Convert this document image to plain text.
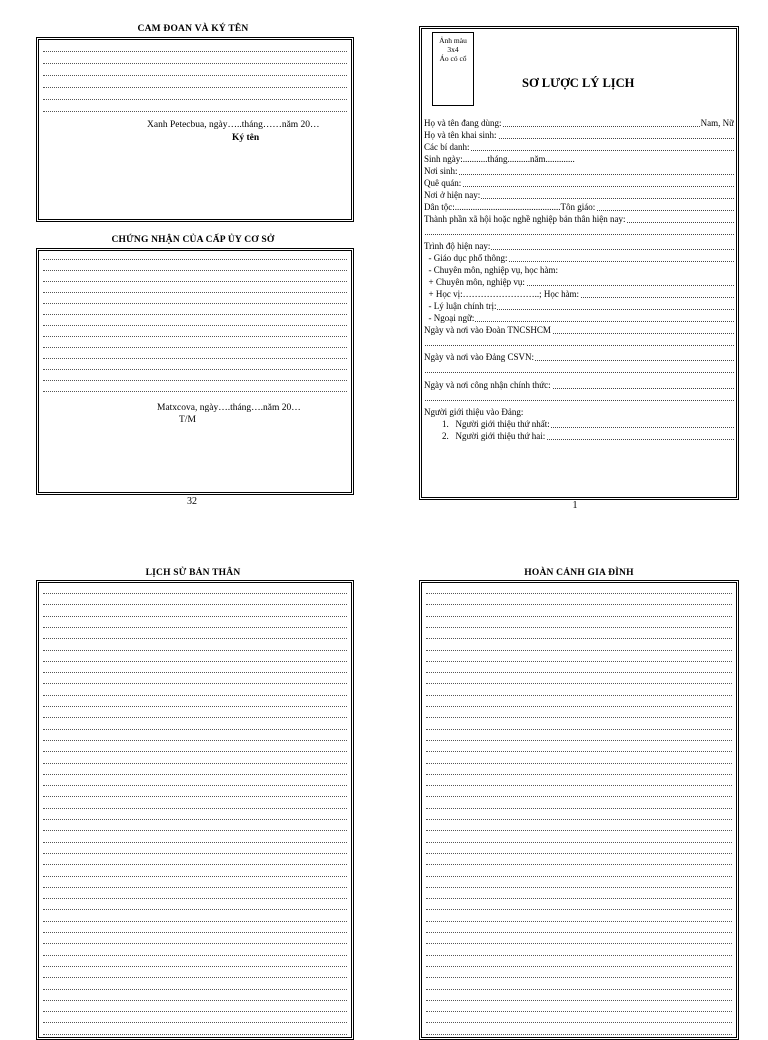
CAM ĐOAN VÀ KÝ TÊN
Xanh Petecbua, ngày…..tháng……năm 20…
Ký tên
CHỨNG NHẬN CỦA CẤP ỦY CƠ SỞ
Matxcova, ngày….tháng….năm 20…
T/M
32
Ảnh màu
3x4
Áo có cổ
SƠ LƯỢC LÝ LỊCH
Họ và tên đang dùng:	Nam, Nữ
Họ và tên khai sinh:
Các bí danh:
Sinh ngày:...........tháng..........năm.............
Nơi sinh:
Quê quán:
Nơi ở hiện nay:
Dân tộc:...............................................Tôn giáo:
Thành phần xã hội hoặc nghề nghiệp bản thân hiện nay:
Trình độ hiện nay:
- Giáo dục phổ thông:
- Chuyên môn, nghiệp vụ, học hàm:
+ Chuyên môn, nghiệp vụ:
+ Học vị:……………………..; Học hàm:
- Lý luận chính trị:
- Ngoại ngữ:
Ngày và nơi vào Đoàn TNCSHCM
Ngày và nơi vào Đảng CSVN:
Ngày và nơi công nhận chính thức:
Người giới thiệu vào Đảng:
1.   Người giới thiệu thứ nhất:
2.   Người giới thiệu thứ hai:
1
LỊCH SỬ BẢN THÂN	HOÀN CẢNH GIA ĐÌNH
